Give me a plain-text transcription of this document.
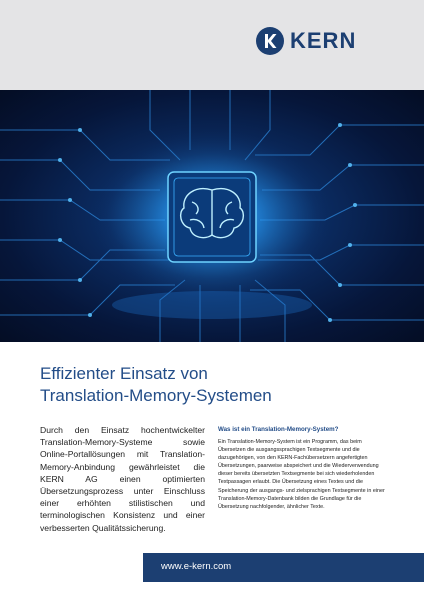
KERN
Effizienter Einsatz von
Translation-Memory-Systemen

Durch den Einsatz hochentwickelter Translation-Memory-Systeme sowie Online-Portallösungen mit Translation-Memory-Anbindung gewährleistet die KERN AG einen optimierten Übersetzungsprozess unter Einschluss einer erhöhten stilistischen und terminologischen Konsistenz und einer verbesserten Qualitätssicherung.

Was ist ein Translation-Memory-System?

Ein Translation-Memory-System ist ein Programm, das beim Übersetzen die ausgangssprachigen Textsegmente und die dazugehörigen, von den KERN-Fachübersetzern angefertigten Übersetzungen, paarweise abspeichert und die Wiederverwendung dieser bereits übersetzten Textsegmente bei sich wiederholenden Textpassagen erlaubt. Die Übersetzung eines Textes und die Speicherung der ausgangs- und zielsprachigen Textsegmente in einer Translation-Memory-Datenbank bilden die Grundlage für die Übersetzung nachfolgender, ähnlicher Texte.

www.e-kern.com
